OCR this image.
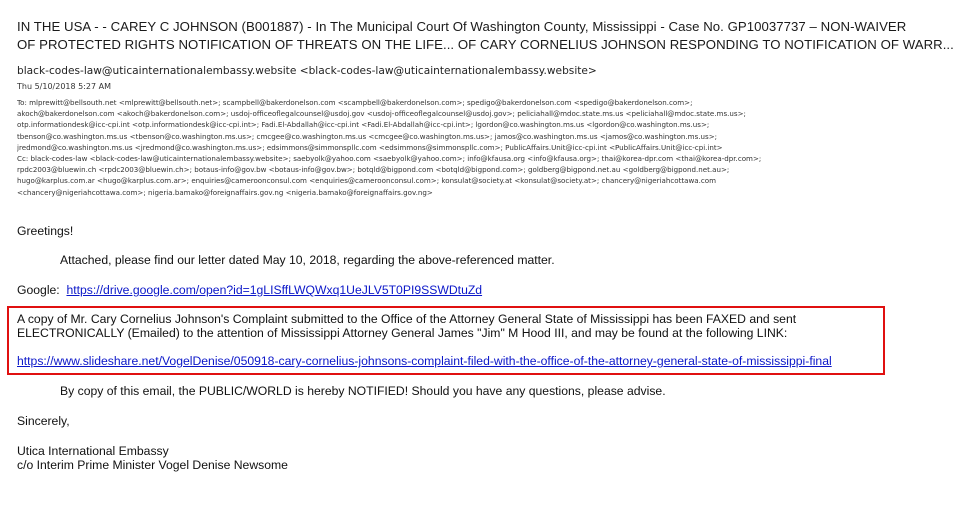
IN THE USA - - CAREY C JOHNSON (B001887) - In The Municipal Court Of Washington County, Mississippi - Case No. GP10037737 – NON-WAIVER
OF PROTECTED RIGHTS NOTIFICATION OF THREATS ON THE LIFE... OF CARY CORNELIUS JOHNSON RESPONDING TO NOTIFICATION OF WARR...
black-codes-law@uticainternationalembassy.website <black-codes-law@uticainternationalembassy.website>
Thu 5/10/2018 5:27 AM
To: mlprewitt@bellsouth.net <mlprewitt@bellsouth.net>; scampbell@bakerdonelson.com <scampbell@bakerdonelson.com>; spedigo@bakerdonelson.com <spedigo@bakerdonelson.com>;
akoch@bakerdonelson.com <akoch@bakerdonelson.com>; usdoj-officeoflegalcounsel@usdoj.gov <usdoj-officeoflegalcounsel@usdoj.gov>; peliciahall@mdoc.state.ms.us <peliciahall@mdoc.state.ms.us>;
otp.informationdesk@icc-cpi.int <otp.informationdesk@icc-cpi.int>; Fadi.El-Abdallah@icc-cpi.int <Fadi.El-Abdallah@icc-cpi.int>; lgordon@co.washington.ms.us <lgordon@co.washington.ms.us>;
tbenson@co.washington.ms.us <tbenson@co.washington.ms.us>; cmcgee@co.washington.ms.us <cmcgee@co.washington.ms.us>; jamos@co.washington.ms.us <jamos@co.washington.ms.us>;
jredmond@co.washington.ms.us <jredmond@co.washington.ms.us>; edsimmons@simmonspllc.com <edsimmons@simmonspllc.com>; PublicAffairs.Unit@icc-cpi.int <PublicAffairs.Unit@icc-cpi.int>
Cc: black-codes-law <black-codes-law@uticainternationalembassy.website>; saebyolk@yahoo.com <saebyolk@yahoo.com>; info@kfausa.org <info@kfausa.org>; thai@korea-dpr.com <thai@korea-dpr.com>;
rpdc2003@bluewin.ch <rpdc2003@bluewin.ch>; botaus-info@gov.bw <botaus-info@gov.bw>; botqld@bigpond.com <botqld@bigpond.com>; goldberg@bigpond.net.au <goldberg@bigpond.net.au>;
hugo@karplus.com.ar <hugo@karplus.com.ar>; enquiries@cameroonconsul.com <enquiries@cameroonconsul.com>; konsulat@society.at <konsulat@society.at>; chancery@nigeriahcottawa.com
<chancery@nigeriahcottawa.com>; nigeria.bamako@foreignaffairs.gov.ng <nigeria.bamako@foreignaffairs.gov.ng>
Greetings!
Attached, please find our letter dated May 10, 2018, regarding the above-referenced matter.
Google: https://drive.google.com/open?id=1gLISffLWQWxq1UeJLV5T0PI9SSWDtuZd
A copy of Mr. Cary Cornelius Johnson's Complaint submitted to the Office of the Attorney General State of Mississippi has been FAXED and sent
ELECTRONICALLY (Emailed) to the attention of Mississippi Attorney General James "Jim" M Hood III, and may be found at the following LINK:
https://www.slideshare.net/VogelDenise/050918-cary-cornelius-johnsons-complaint-filed-with-the-office-of-the-attorney-general-state-of-mississippi-final
By copy of this email, the PUBLIC/WORLD is hereby NOTIFIED! Should you have any questions, please advise.
Sincerely,
Utica International Embassy
c/o Interim Prime Minister Vogel Denise Newsome
